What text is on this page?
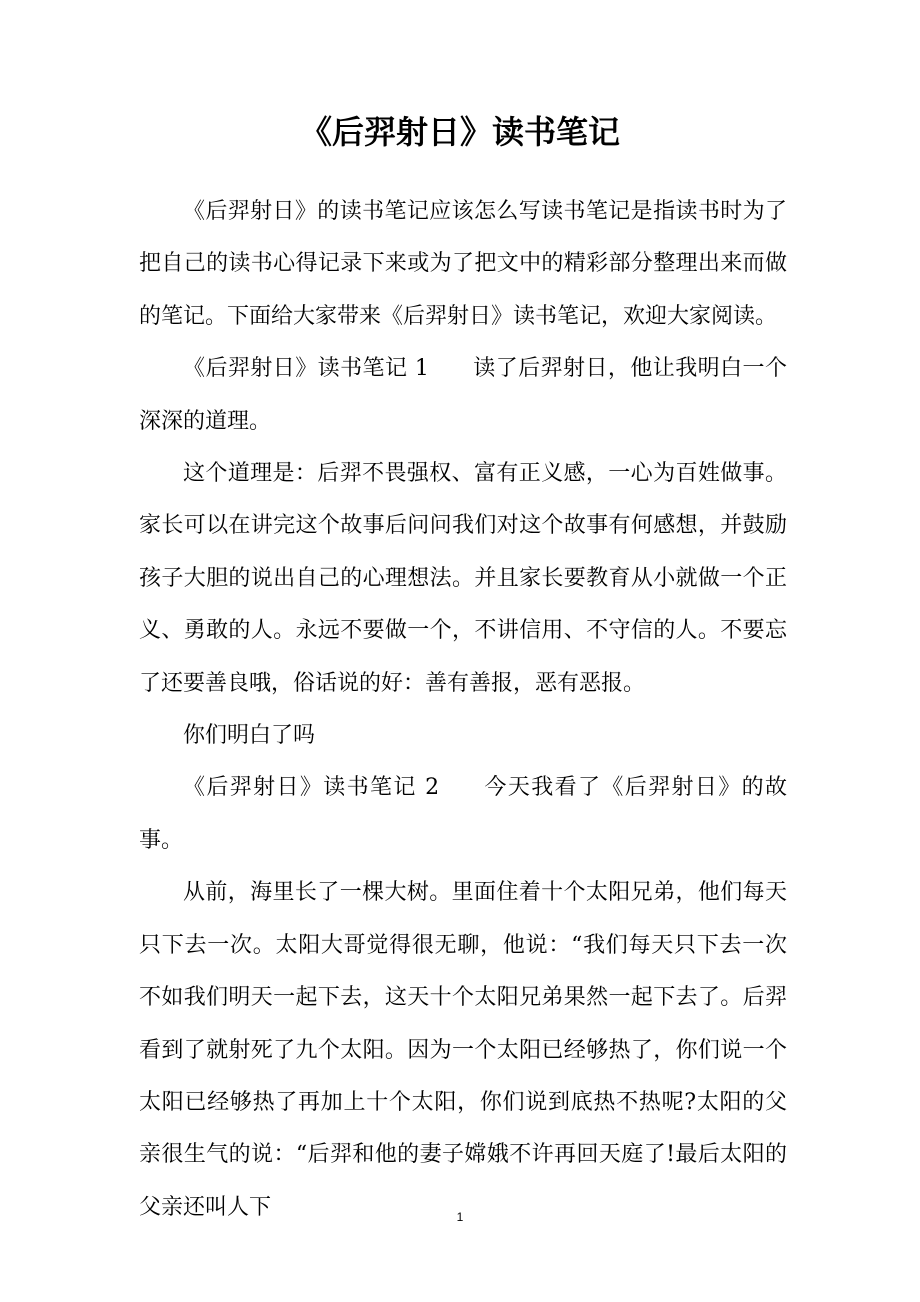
《后羿射日》读书笔记

《后羿射日》的读书笔记应该怎么写读书笔记是指读书时为了把自己的读书心得记录下来或为了把文中的精彩部分整理出来而做的笔记。下面给大家带来《后羿射日》读书笔记，欢迎大家阅读。

《后羿射日》读书笔记 1 读了后羿射日，他让我明白一个深深的道理。

这个道理是：后羿不畏强权、富有正义感，一心为百姓做事。家长可以在讲完这个故事后问问我们对这个故事有何感想，并鼓励孩子大胆的说出自己的心理想法。并且家长要教育从小就做一个正义、勇敢的人。永远不要做一个，不讲信用、不守信的人。不要忘了还要善良哦，俗话说的好：善有善报，恶有恶报。

你们明白了吗

《后羿射日》读书笔记 2 今天我看了《后羿射日》的故事。

从前，海里长了一棵大树。里面住着十个太阳兄弟，他们每天只下去一次。太阳大哥觉得很无聊，他说：“我们每天只下去一次不如我们明天一起下去，这天十个太阳兄弟果然一起下去了。后羿看到了就射死了九个太阳。因为一个太阳已经够热了，你们说一个太阳已经够热了再加上十个太阳，你们说到底热不热呢?太阳的父亲很生气的说：“后羿和他的妻子嫦娥不许再回天庭了!最后太阳的父亲还叫人下	1
